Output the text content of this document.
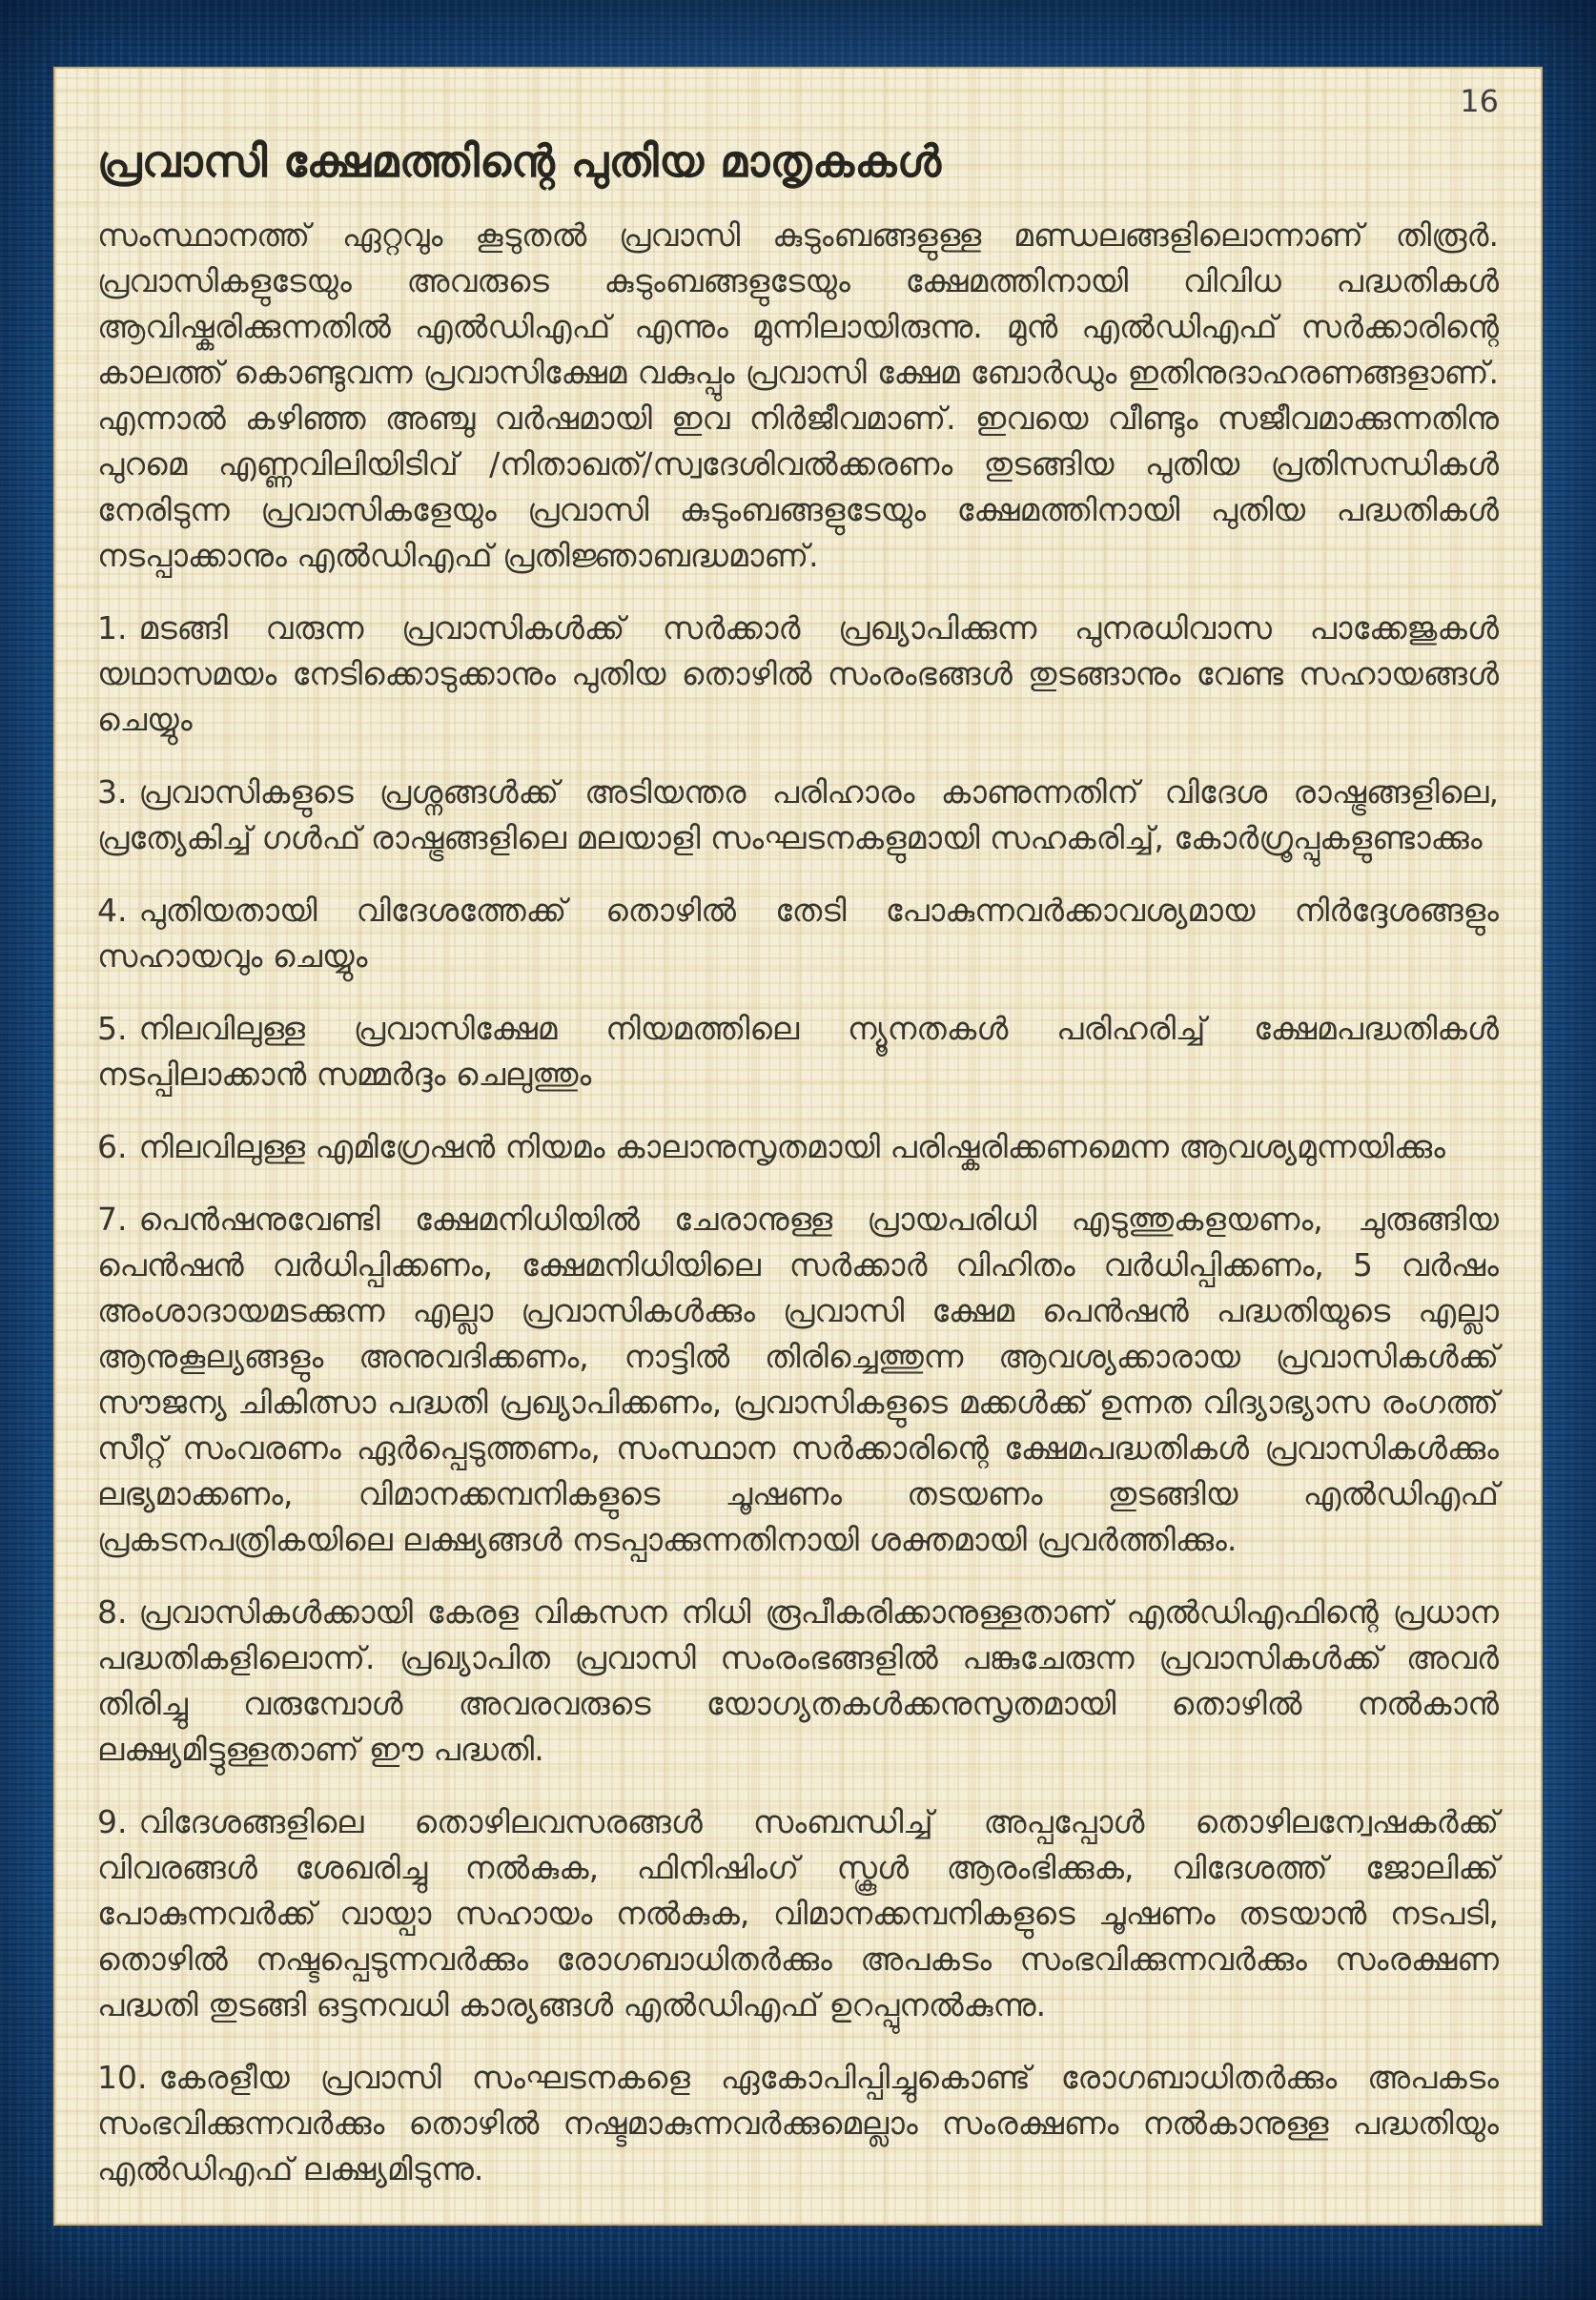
16
പ്രവാസി ക്ഷേമത്തിന്റെ പുതിയ മാതൃകകൾ

സംസ്ഥാനത്ത് ഏറ്റവും കൂടുതൽ പ്രവാസി കുടുംബങ്ങളുള്ള മണ്ഡലങ്ങളിലൊന്നാണ് തിരൂർ. പ്രവാസികളുടേയും അവരുടെ കുടുംബങ്ങളുടേയും ക്ഷേമത്തിനായി വിവിധ പദ്ധതികൾ ആവിഷ്കരിക്കുന്നതിൽ എൽഡിഎഫ് എന്നും മുന്നിലായിരുന്നു. മുൻ എൽഡിഎഫ് സർക്കാരിന്റെ കാലത്ത് കൊണ്ടുവന്ന പ്രവാസിക്ഷേമ വകുപ്പും പ്രവാസി ക്ഷേമ ബോർഡും ഇതിനുദാഹരണങ്ങളാണ്. എന്നാൽ കഴിഞ്ഞ അഞ്ചു വർഷമായി ഇവ നിർജീവമാണ്. ഇവയെ വീണ്ടും സജീവമാക്കുന്നതിനു പുറമെ എണ്ണവിലിയിടിവ് /നിതാഖത്/സ്വദേശിവൽക്കരണം തുടങ്ങിയ പുതിയ പ്രതിസന്ധികൾ നേരിടുന്ന പ്രവാസികളേയും പ്രവാസി കുടുംബങ്ങളുടേയും ക്ഷേമത്തിനായി പുതിയ പദ്ധതികൾ നടപ്പാക്കാനും എൽഡിഎഫ് പ്രതിജ്ഞാബദ്ധമാണ്.

1. മടങ്ങി വരുന്ന പ്രവാസികൾക്ക് സർക്കാർ പ്രഖ്യാപിക്കുന്ന പുനരധിവാസ പാക്കേജുകൾ യഥാസമയം നേടിക്കൊടുക്കാനും പുതിയ തൊഴിൽ സംരംഭങ്ങൾ തുടങ്ങാനും വേണ്ട സഹായങ്ങൾ ചെയ്യും

3. പ്രവാസികളുടെ പ്രശ്നങ്ങൾക്ക് അടിയന്തര പരിഹാരം കാണുന്നതിന് വിദേശ രാഷ്ട്രങ്ങളിലെ, പ്രത്യേകിച്ച് ഗൾഫ് രാഷ്ട്രങ്ങളിലെ മലയാളി സംഘടനകളുമായി സഹകരിച്ച്, കോർഗ്രൂപ്പുകളുണ്ടാക്കും

4. പുതിയതായി വിദേശത്തേക്ക് തൊഴിൽ തേടി പോകുന്നവർക്കാവശ്യമായ നിർദ്ദേശങ്ങളും സഹായവും ചെയ്യും

5. നിലവിലുള്ള പ്രവാസിക്ഷേമ നിയമത്തിലെ ന്യൂനതകൾ പരിഹരിച്ച് ക്ഷേമപദ്ധതികൾ നടപ്പിലാക്കാൻ സമ്മർദ്ദം ചെലുത്തും

6. നിലവിലുള്ള എമിഗ്രേഷൻ നിയമം കാലാനുസൃതമായി പരിഷ്കരിക്കണമെന്ന ആവശ്യമുന്നയിക്കും

7. പെൻഷനുവേണ്ടി ക്ഷേമനിധിയിൽ ചേരാനുള്ള പ്രായപരിധി എടുത്തുകളയണം, ചുരുങ്ങിയ പെൻഷൻ വർധിപ്പിക്കണം, ക്ഷേമനിധിയിലെ സർക്കാർ വിഹിതം വർധിപ്പിക്കണം, 5 വർഷം അംശാദായമടക്കുന്ന എല്ലാ പ്രവാസികൾക്കും പ്രവാസി ക്ഷേമ പെൻഷൻ പദ്ധതിയുടെ എല്ലാ ആനുകൂല്യങ്ങളും അനുവദിക്കണം, നാട്ടിൽ തിരിച്ചെത്തുന്ന ആവശ്യക്കാരായ പ്രവാസികൾക്ക് സൗജന്യ ചികിത്സാ പദ്ധതി പ്രഖ്യാപിക്കണം, പ്രവാസികളുടെ മക്കൾക്ക് ഉന്നത വിദ്യാഭ്യാസ രംഗത്ത് സീറ്റ് സംവരണം ഏർപ്പെടുത്തണം, സംസ്ഥാന സർക്കാരിന്റെ ക്ഷേമപദ്ധതികൾ പ്രവാസികൾക്കും ലഭ്യമാക്കണം, വിമാനക്കമ്പനികളുടെ ചൂഷണം തടയണം തുടങ്ങിയ എൽഡിഎഫ് പ്രകടനപത്രികയിലെ ലക്ഷ്യങ്ങൾ നടപ്പാക്കുന്നതിനായി ശക്തമായി പ്രവർത്തിക്കും.

8. പ്രവാസികൾക്കായി കേരള വികസന നിധി രൂപീകരിക്കാനുള്ളതാണ് എൽഡിഎഫിന്റെ പ്രധാന പദ്ധതികളിലൊന്ന്. പ്രഖ്യാപിത പ്രവാസി സംരംഭങ്ങളിൽ പങ്കുചേരുന്ന പ്രവാസികൾക്ക് അവർ തിരിച്ചു വരുമ്പോൾ അവരവരുടെ യോഗ്യതകൾക്കനുസൃതമായി തൊഴിൽ നൽകാൻ ലക്ഷ്യമിട്ടുള്ളതാണ് ഈ പദ്ധതി.

9. വിദേശങ്ങളിലെ തൊഴിലവസരങ്ങൾ സംബന്ധിച്ച് അപ്പപ്പോൾ തൊഴിലന്വേഷകർക്ക് വിവരങ്ങൾ ശേഖരിച്ചു നൽകുക, ഫിനിഷിംഗ് സ്കൂൾ ആരംഭിക്കുക, വിദേശത്ത് ജോലിക്ക് പോകുന്നവർക്ക് വായ്പാ സഹായം നൽകുക, വിമാനക്കമ്പനികളുടെ ചൂഷണം തടയാൻ നടപടി, തൊഴിൽ നഷ്ടപ്പെടുന്നവർക്കും രോഗബാധിതർക്കും അപകടം സംഭവിക്കുന്നവർക്കും സംരക്ഷണ പദ്ധതി തുടങ്ങി ഒട്ടനവധി കാര്യങ്ങൾ എൽഡിഎഫ് ഉറപ്പുനൽകുന്നു.

10. കേരളീയ പ്രവാസി സംഘടനകളെ ഏകോപിപ്പിച്ചുകൊണ്ട് രോഗബാധിതർക്കും അപകടം സംഭവിക്കുന്നവർക്കും തൊഴിൽ നഷ്ടമാകുന്നവർക്കുമെല്ലാം സംരക്ഷണം നൽകാനുള്ള പദ്ധതിയും എൽഡിഎഫ് ലക്ഷ്യമിടുന്നു.
